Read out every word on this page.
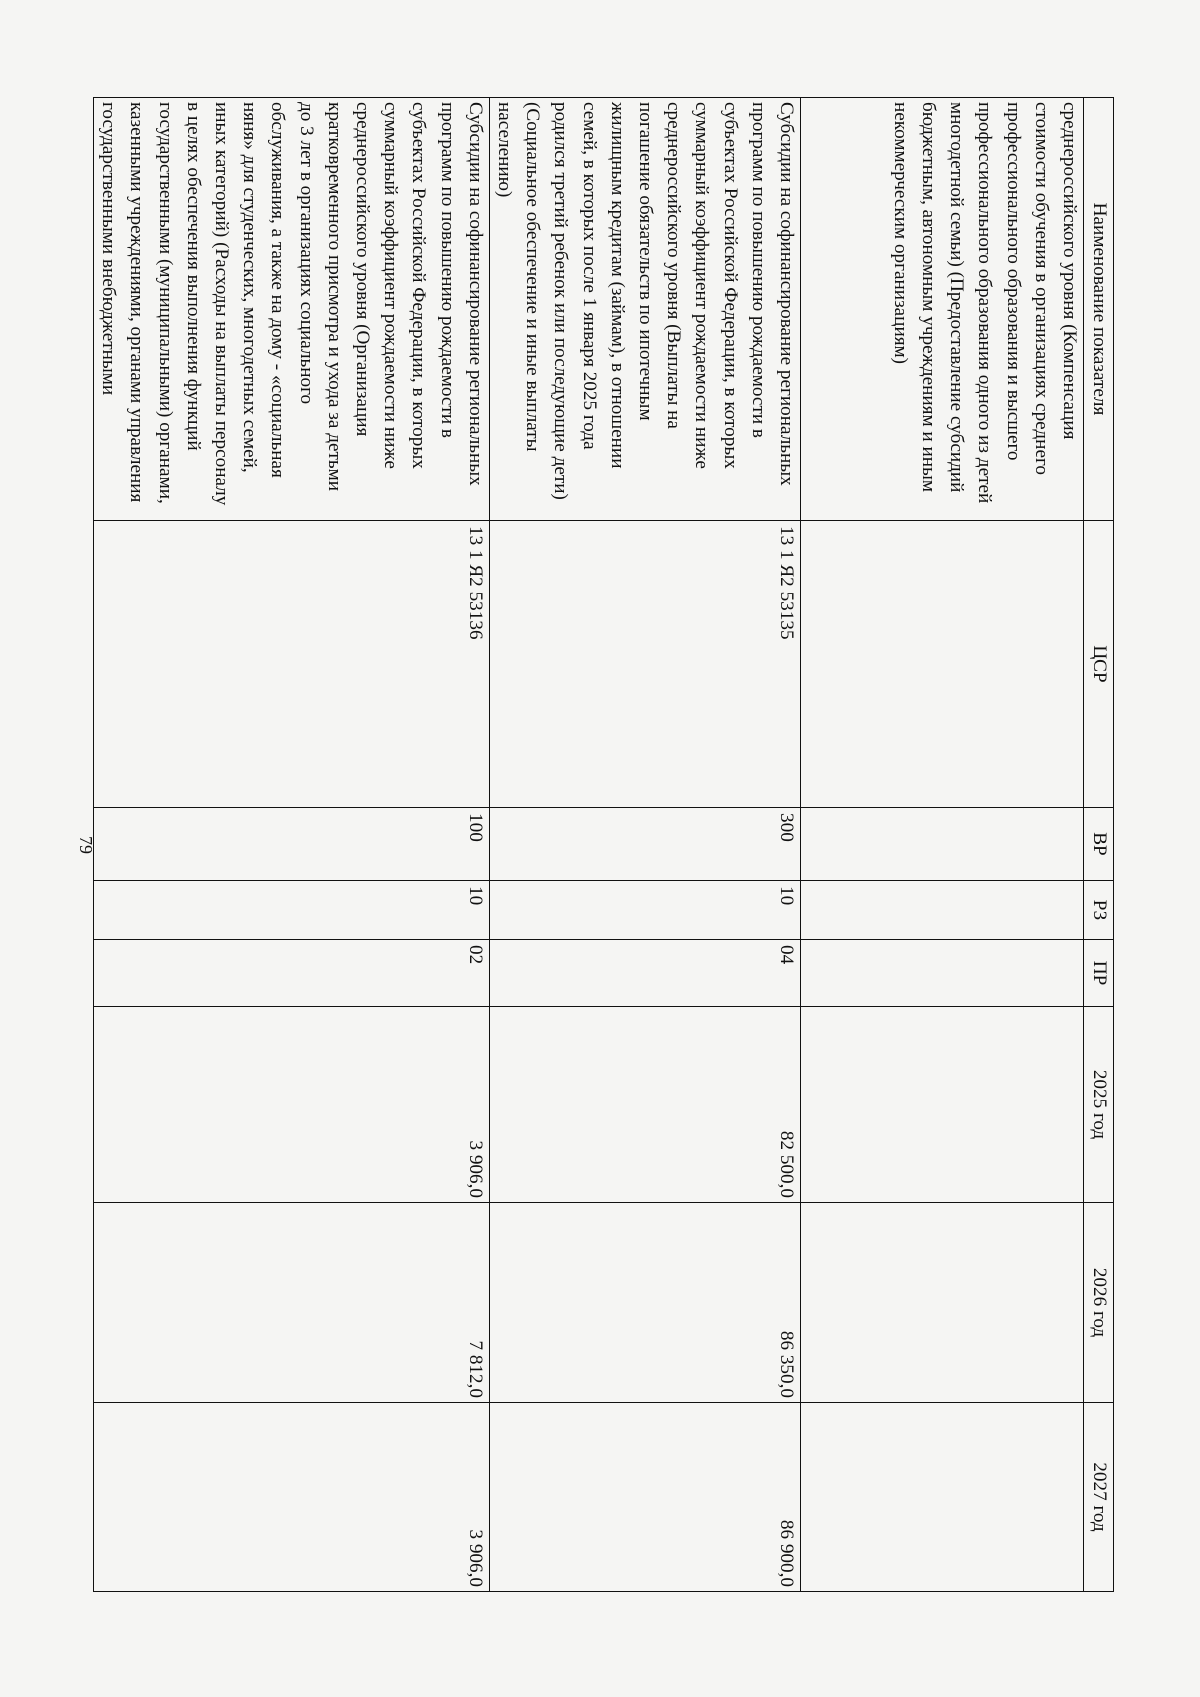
79
Наименование показателя	ЦСР	ВР	РЗ	ПР	2025 год	2026 год	2027 год
среднероссийского уровня (Компенсация стоимости обучения в организациях среднего профессионального образования и высшего профессионального образования одного из детей многодетной семьи) (Предоставление субсидий бюджетным, автономным учреждениям и иным некоммерческим организациям)							
Субсидии на софинансирование региональных программ по повышению рождаемости в субъектах Российской Федерации, в которых суммарный коэффициент рождаемости ниже среднероссийского уровня (Выплаты на погашение обязательств по ипотечным жилищным кредитам (займам), в отношении семей, в которых после 1 января 2025 года родился третий ребенок или последующие дети) (Социальное обеспечение и иные выплаты населению)	13 1 Я2 53135	300	10	04	82 500,0	86 350,0	86 900,0
Субсидии на софинансирование региональных программ по повышению рождаемости в субъектах Российской Федерации, в которых суммарный коэффициент рождаемости ниже среднероссийского уровня (Организация кратковременного присмотра и ухода за детьми до 3 лет в организациях социального обслуживания, а также на дому - «социальная няня» для студенческих, многодетных семей, иных категорий) (Расходы на выплаты персоналу в целях обеспечения выполнения функций государственными (муниципальными) органами, казенными учреждениями, органами управления государственными внебюджетными	13 1 Я2 53136	100	10	02	3 906,0	7 812,0	3 906,0
